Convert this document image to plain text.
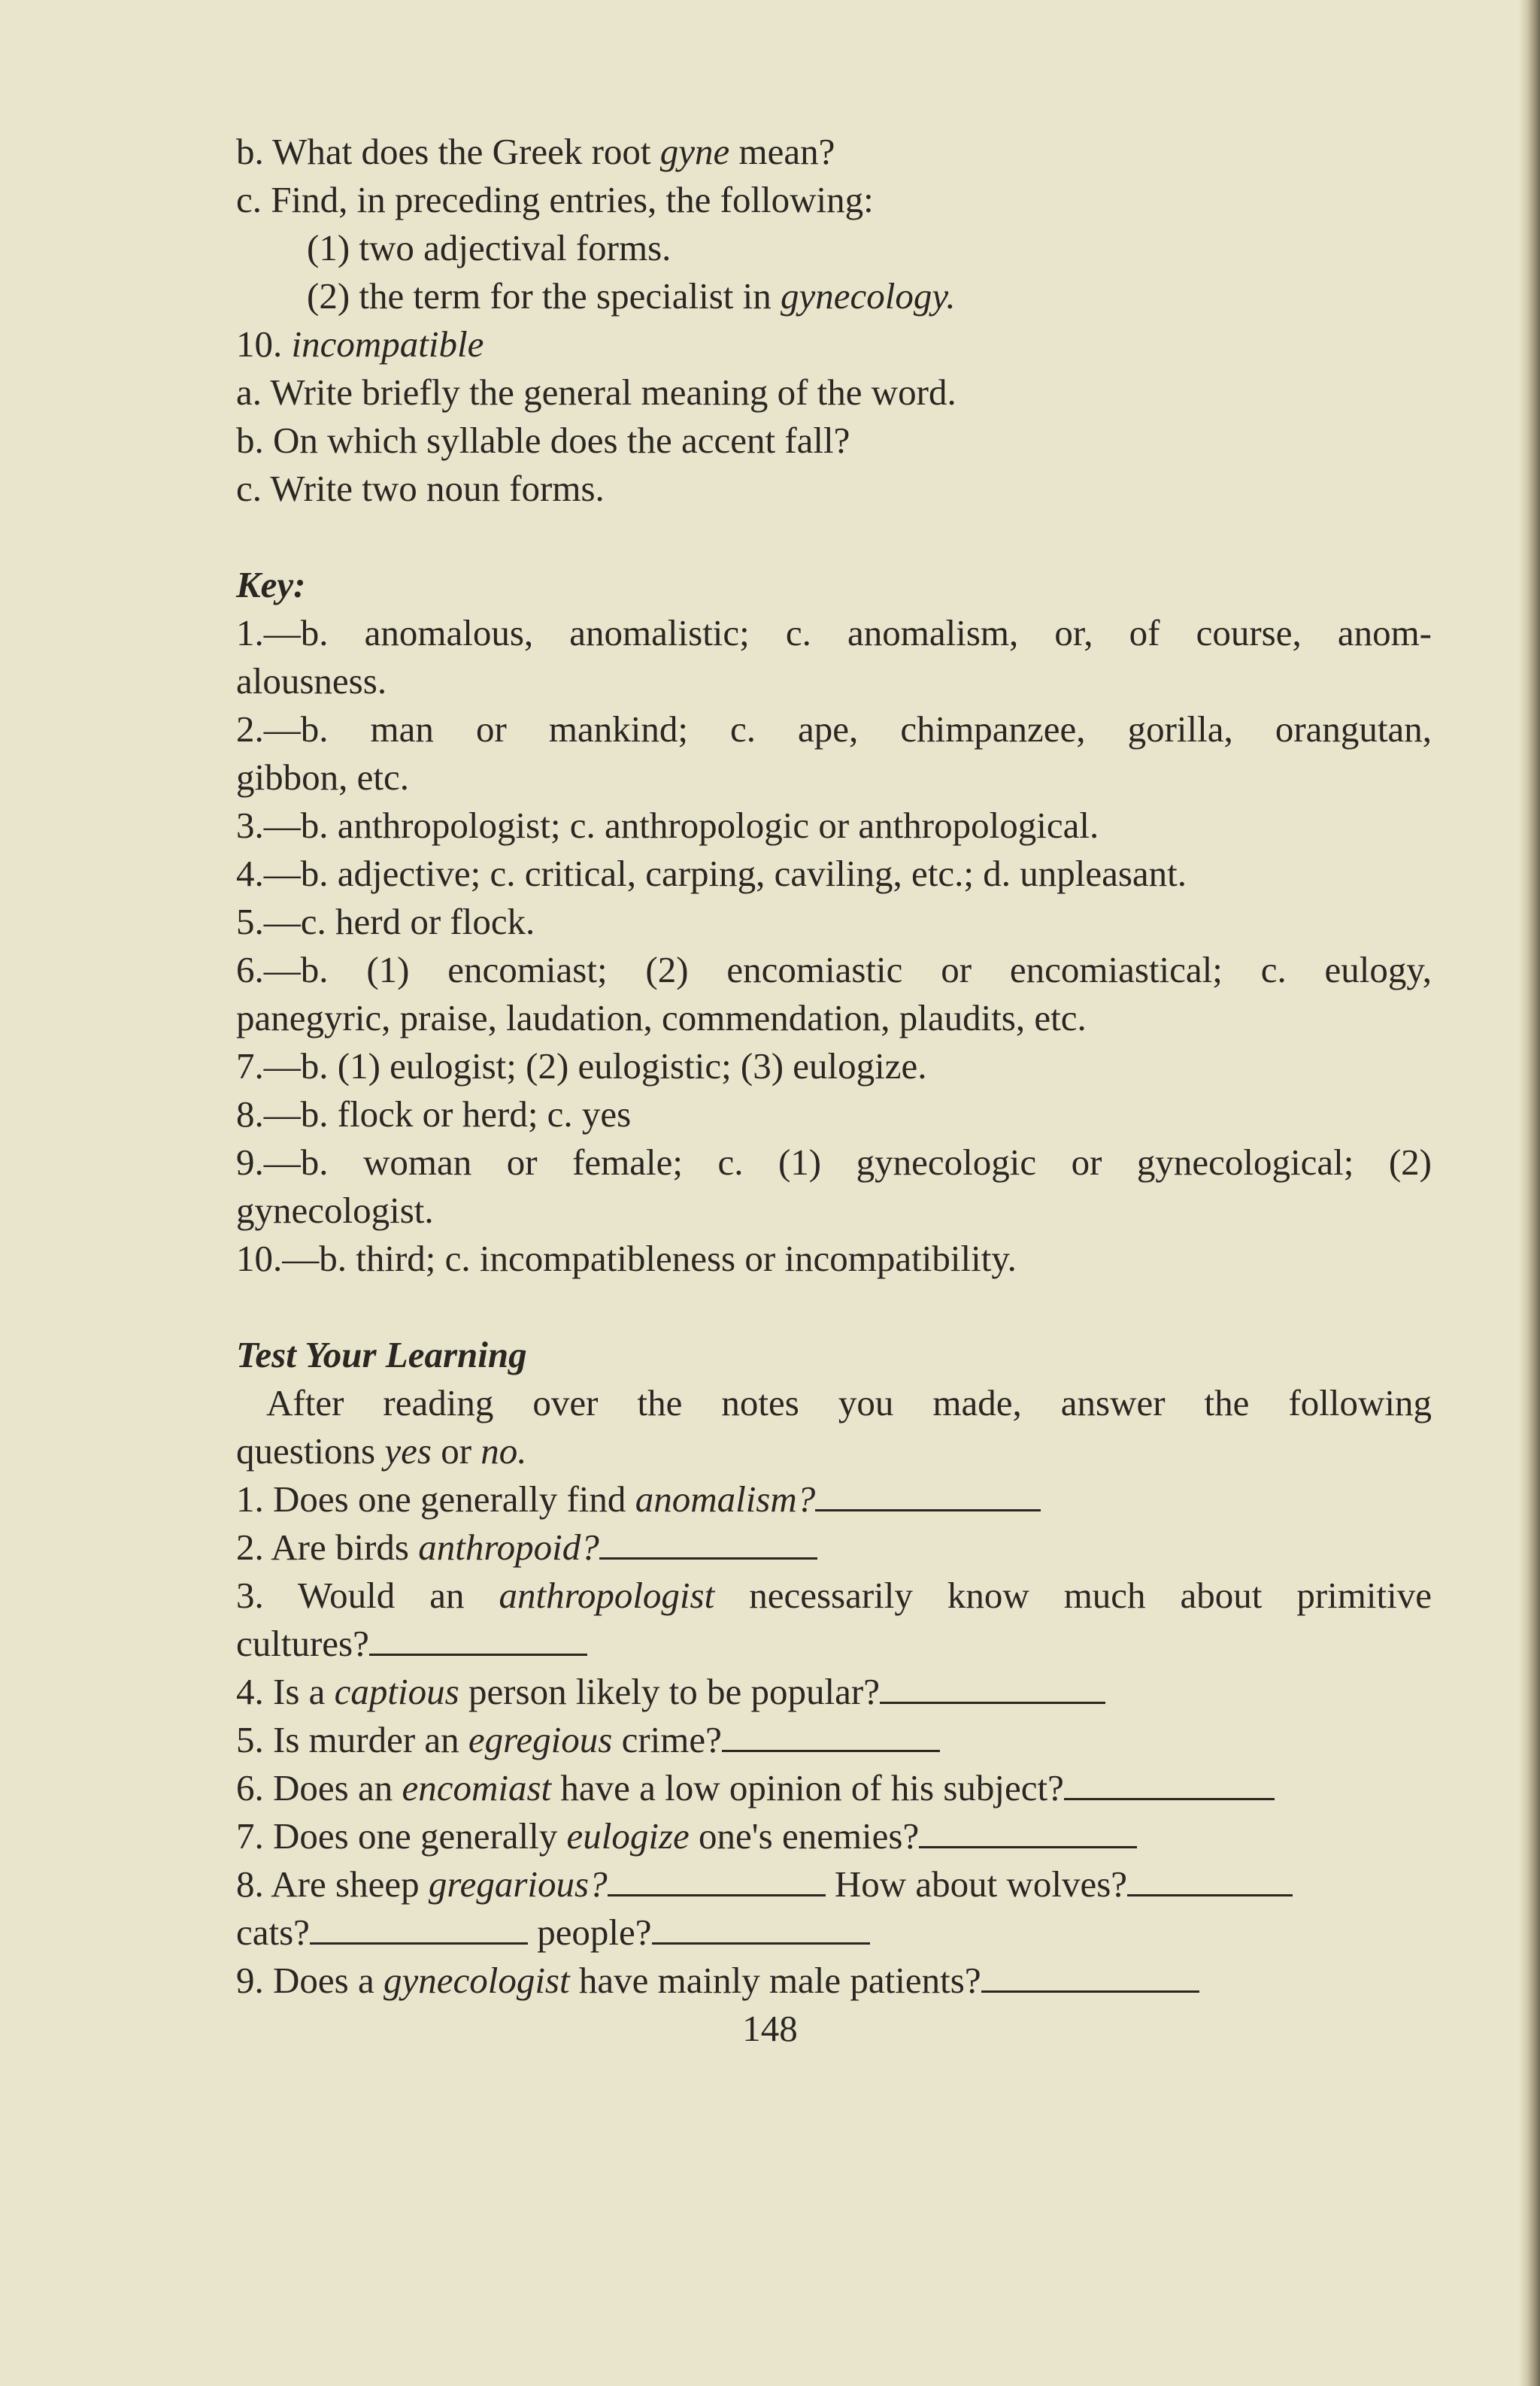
b. What does the Greek root gyne mean?
c. Find, in preceding entries, the following:
(1) two adjectival forms.
(2) the term for the specialist in gynecology.
10. incompatible
a. Write briefly the general meaning of the word.
b. On which syllable does the accent fall?
c. Write two noun forms.
Key:
1.—b. anomalous, anomalistic; c. anomalism, or, of course, anom-
alousness.
2.—b. man or mankind; c. ape, chimpanzee, gorilla, orangutan,
gibbon, etc.
3.—b. anthropologist; c. anthropologic or anthropological.
4.—b. adjective; c. critical, carping, caviling, etc.; d. unpleasant.
5.—c. herd or flock.
6.—b. (1) encomiast; (2) encomiastic or encomiastical; c. eulogy,
panegyric, praise, laudation, commendation, plaudits, etc.
7.—b. (1) eulogist; (2) eulogistic; (3) eulogize.
8.—b. flock or herd; c. yes
9.—b. woman or female; c. (1) gynecologic or gynecological; (2)
gynecologist.
10.—b. third; c. incompatibleness or incompatibility.
Test Your Learning
After reading over the notes you made, answer the following
questions yes or no.
1. Does one generally find anomalism?
2. Are birds anthropoid?
3. Would an anthropologist necessarily know much about primitive
cultures?
4. Is a captious person likely to be popular?
5. Is murder an egregious crime?
6. Does an encomiast have a low opinion of his subject?
7. Does one generally eulogize one's enemies?
8. Are sheep gregarious?	How about wolves?
cats?	people?
9. Does a gynecologist have mainly male patients?
148
